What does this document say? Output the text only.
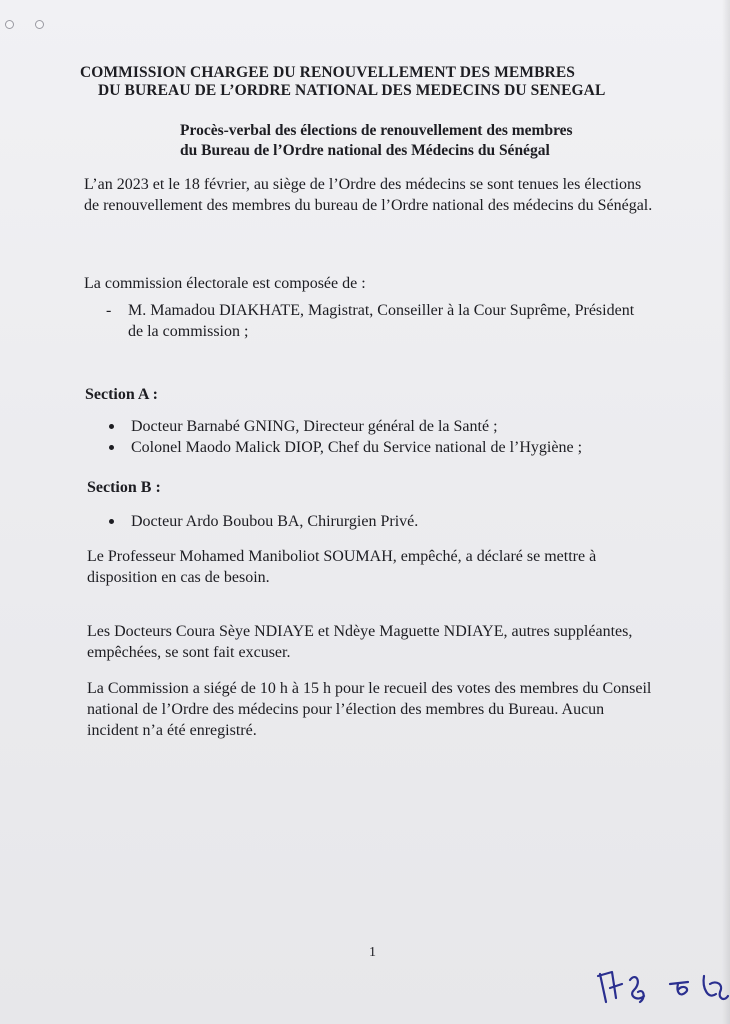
COMMISSION CHARGEE DU RENOUVELLEMENT DES MEMBRES
DU BUREAU DE L’ORDRE NATIONAL DES MEDECINS DU SENEGAL
Procès-verbal des élections de renouvellement des membres
du Bureau de l’Ordre national des Médecins du Sénégal

L’an 2023 et le 18 février, au siège de l’Ordre des médecins se sont tenues les élections de renouvellement des membres du bureau de l’Ordre national des médecins du Sénégal.

La commission électorale est composée de :

- M. Mamadou DIAKHATE, Magistrat, Conseiller à la Cour Suprême, Président
de la commission ;
Section A :
Docteur Barnabé GNING, Directeur général de la Santé ;
Colonel Maodo Malick DIOP, Chef du Service national de l’Hygiène ;
Section B :
Docteur Ardo Boubou BA, Chirurgien Privé.

Le Professeur Mohamed Maniboliot SOUMAH, empêché, a déclaré se mettre à disposition en cas de besoin.

Les Docteurs Coura Sèye NDIAYE et Ndèye Maguette NDIAYE, autres suppléantes, empêchées, se sont fait excuser.

La Commission a siégé de 10 h à 15 h pour le recueil des votes des membres du Conseil national de l’Ordre des médecins pour l’élection des membres du Bureau. Aucun incident n’a été enregistré.

1
